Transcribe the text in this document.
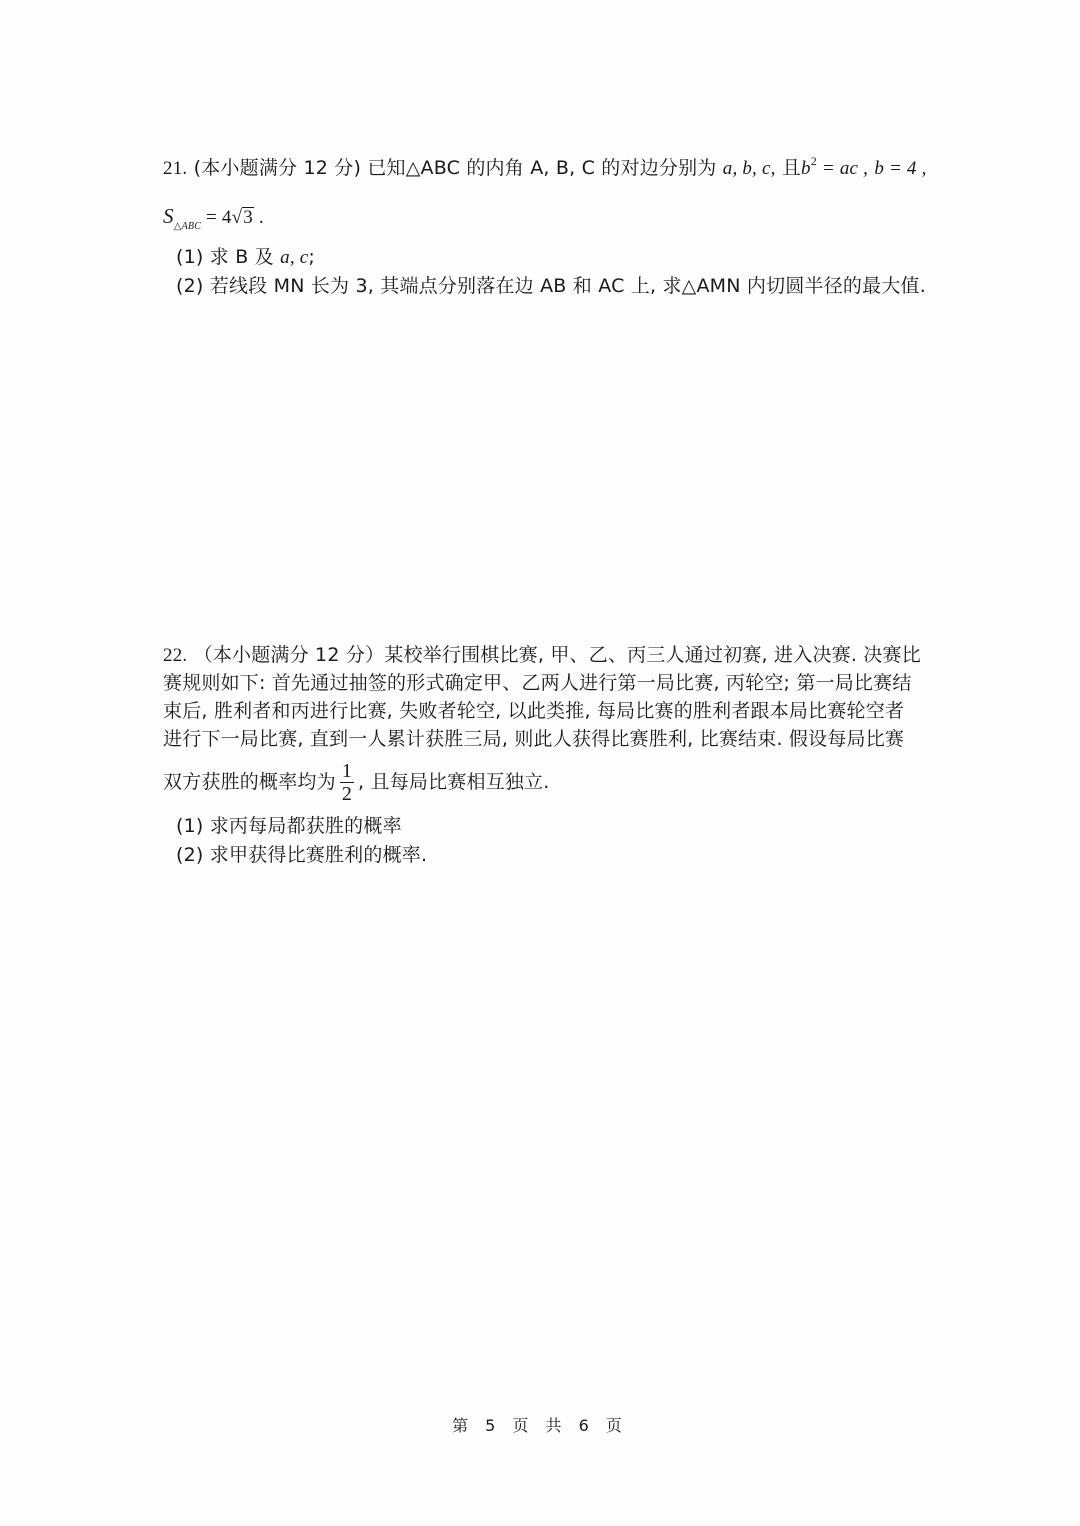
21. (本小题满分 12 分) 已知△ABC 的内角 A, B, C 的对边分别为 a, b, c, 且$b^2$ = ac , b = 4 ,
$S_{\triangle ABC} = 4√3$ .
(1) 求 B 及 a, c;
(2) 若线段 MN 长为 3, 其端点分别落在边 AB 和 AC 上, 求△AMN 内切圆半径的最大值.
22. （本小题满分 12 分）某校举行围棋比赛, 甲、乙、丙三人通过初赛, 进入决赛. 决赛比
赛规则如下: 首先通过抽签的形式确定甲、乙两人进行第一局比赛, 丙轮空; 第一局比赛结
束后, 胜利者和丙进行比赛, 失败者轮空, 以此类推, 每局比赛的胜利者跟本局比赛轮空者
进行下一局比赛, 直到一人累计获胜三局, 则此人获得比赛胜利, 比赛结束. 假设每局比赛
双方获胜的概率均为 $\frac{1}{2}$ , 且每局比赛相互独立.
(1) 求丙每局都获胜的概率
(2) 求甲获得比赛胜利的概率.
第 5 页 共 6 页
